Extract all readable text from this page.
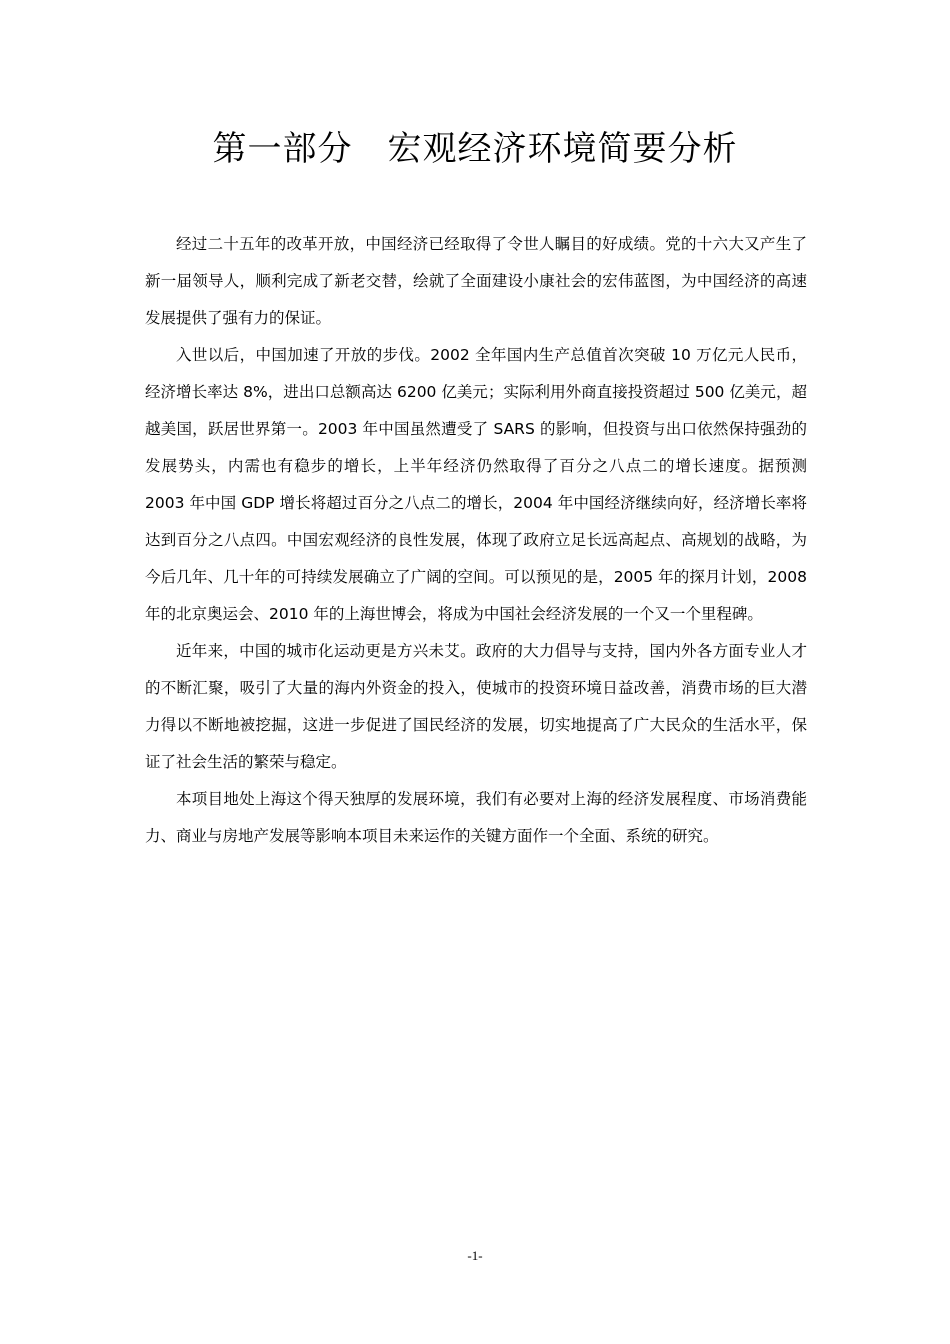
第一部分　宏观经济环境简要分析

经过二十五年的改革开放，中国经济已经取得了令世人瞩目的好成绩。党的十六大又产生了新一届领导人，顺利完成了新老交替，绘就了全面建设小康社会的宏伟蓝图，为中国经济的高速发展提供了强有力的保证。

入世以后，中国加速了开放的步伐。2002 全年国内生产总值首次突破 10 万亿元人民币，经济增长率达 8%，进出口总额高达 6200 亿美元；实际利用外商直接投资超过 500 亿美元，超越美国，跃居世界第一。2003 年中国虽然遭受了 SARS 的影响，但投资与出口依然保持强劲的发展势头，内需也有稳步的增长，上半年经济仍然取得了百分之八点二的增长速度。据预测 2003 年中国 GDP 增长将超过百分之八点二的增长，2004 年中国经济继续向好，经济增长率将达到百分之八点四。中国宏观经济的良性发展，体现了政府立足长远高起点、高规划的战略，为今后几年、几十年的可持续发展确立了广阔的空间。可以预见的是，2005 年的探月计划，2008 年的北京奥运会、2010 年的上海世博会，将成为中国社会经济发展的一个又一个里程碑。

近年来，中国的城市化运动更是方兴未艾。政府的大力倡导与支持，国内外各方面专业人才的不断汇聚，吸引了大量的海内外资金的投入，使城市的投资环境日益改善，消费市场的巨大潜力得以不断地被挖掘，这进一步促进了国民经济的发展，切实地提高了广大民众的生活水平，保证了社会生活的繁荣与稳定。

本项目地处上海这个得天独厚的发展环境，我们有必要对上海的经济发展程度、市场消费能力、商业与房地产发展等影响本项目未来运作的关键方面作一个全面、系统的研究。

-1-
